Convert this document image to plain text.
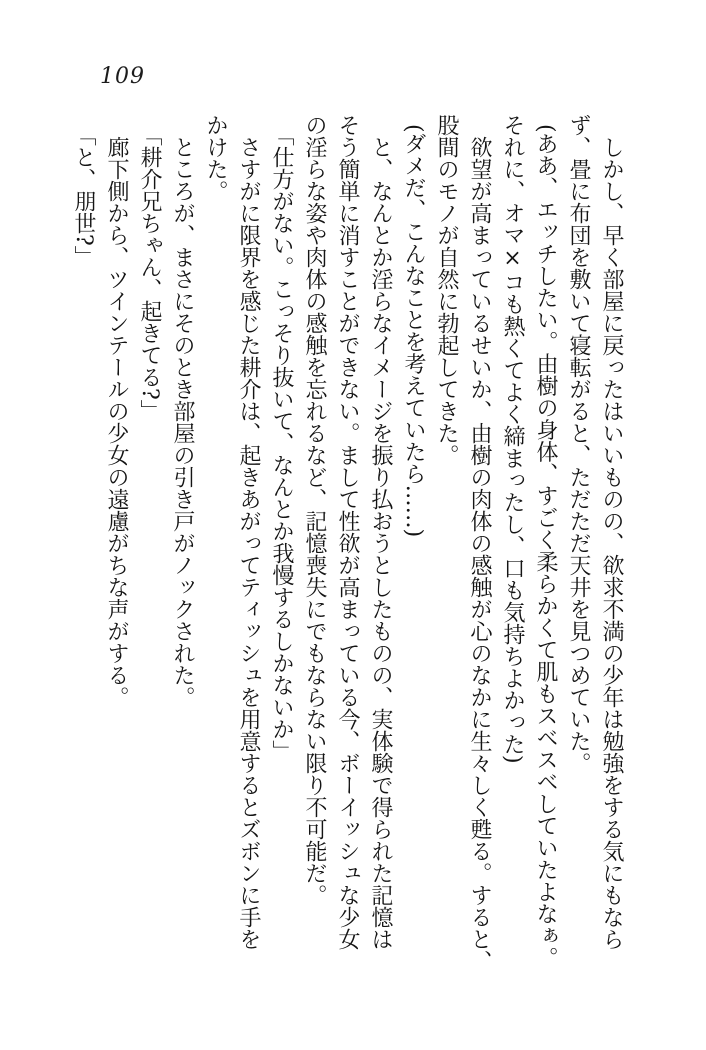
109

しかし、早く部屋に戻ったはいいものの、欲求不満の少年は勉強をする気にもなら

ず、畳に布団を敷いて寝転がると、ただただ天井を見つめていた。

(ああ、エッチしたい。由樹の身体、すごく柔らかくて肌もスベスベしていたよなぁ。

それに、オマ×コも熱くてよく締まったし、口も気持ちよかった)

欲望が高まっているせいか、由樹の肉体の感触が心のなかに生々しく甦る。すると、

股間のモノが自然に勃起してきた。

(ダメだ、こんなことを考えていたら……)

と、なんとか淫らなイメージを振り払おうとしたものの、実体験で得られた記憶は

そう簡単に消すことができない。まして性欲が高まっている今、ボーイッシュな少女

の淫らな姿や肉体の感触を忘れるなど、記憶喪失にでもならない限り不可能だ。

「仕方がない。こっそり抜いて、なんとか我慢するしかないか」

さすがに限界を感じた耕介は、起きあがってティッシュを用意するとズボンに手を

かけた。

ところが、まさにそのとき部屋の引き戸がノックされた。

「耕介兄ちゃん、起きてる?」

廊下側から、ツインテールの少女の遠慮がちな声がする。

「と、朋世?」
